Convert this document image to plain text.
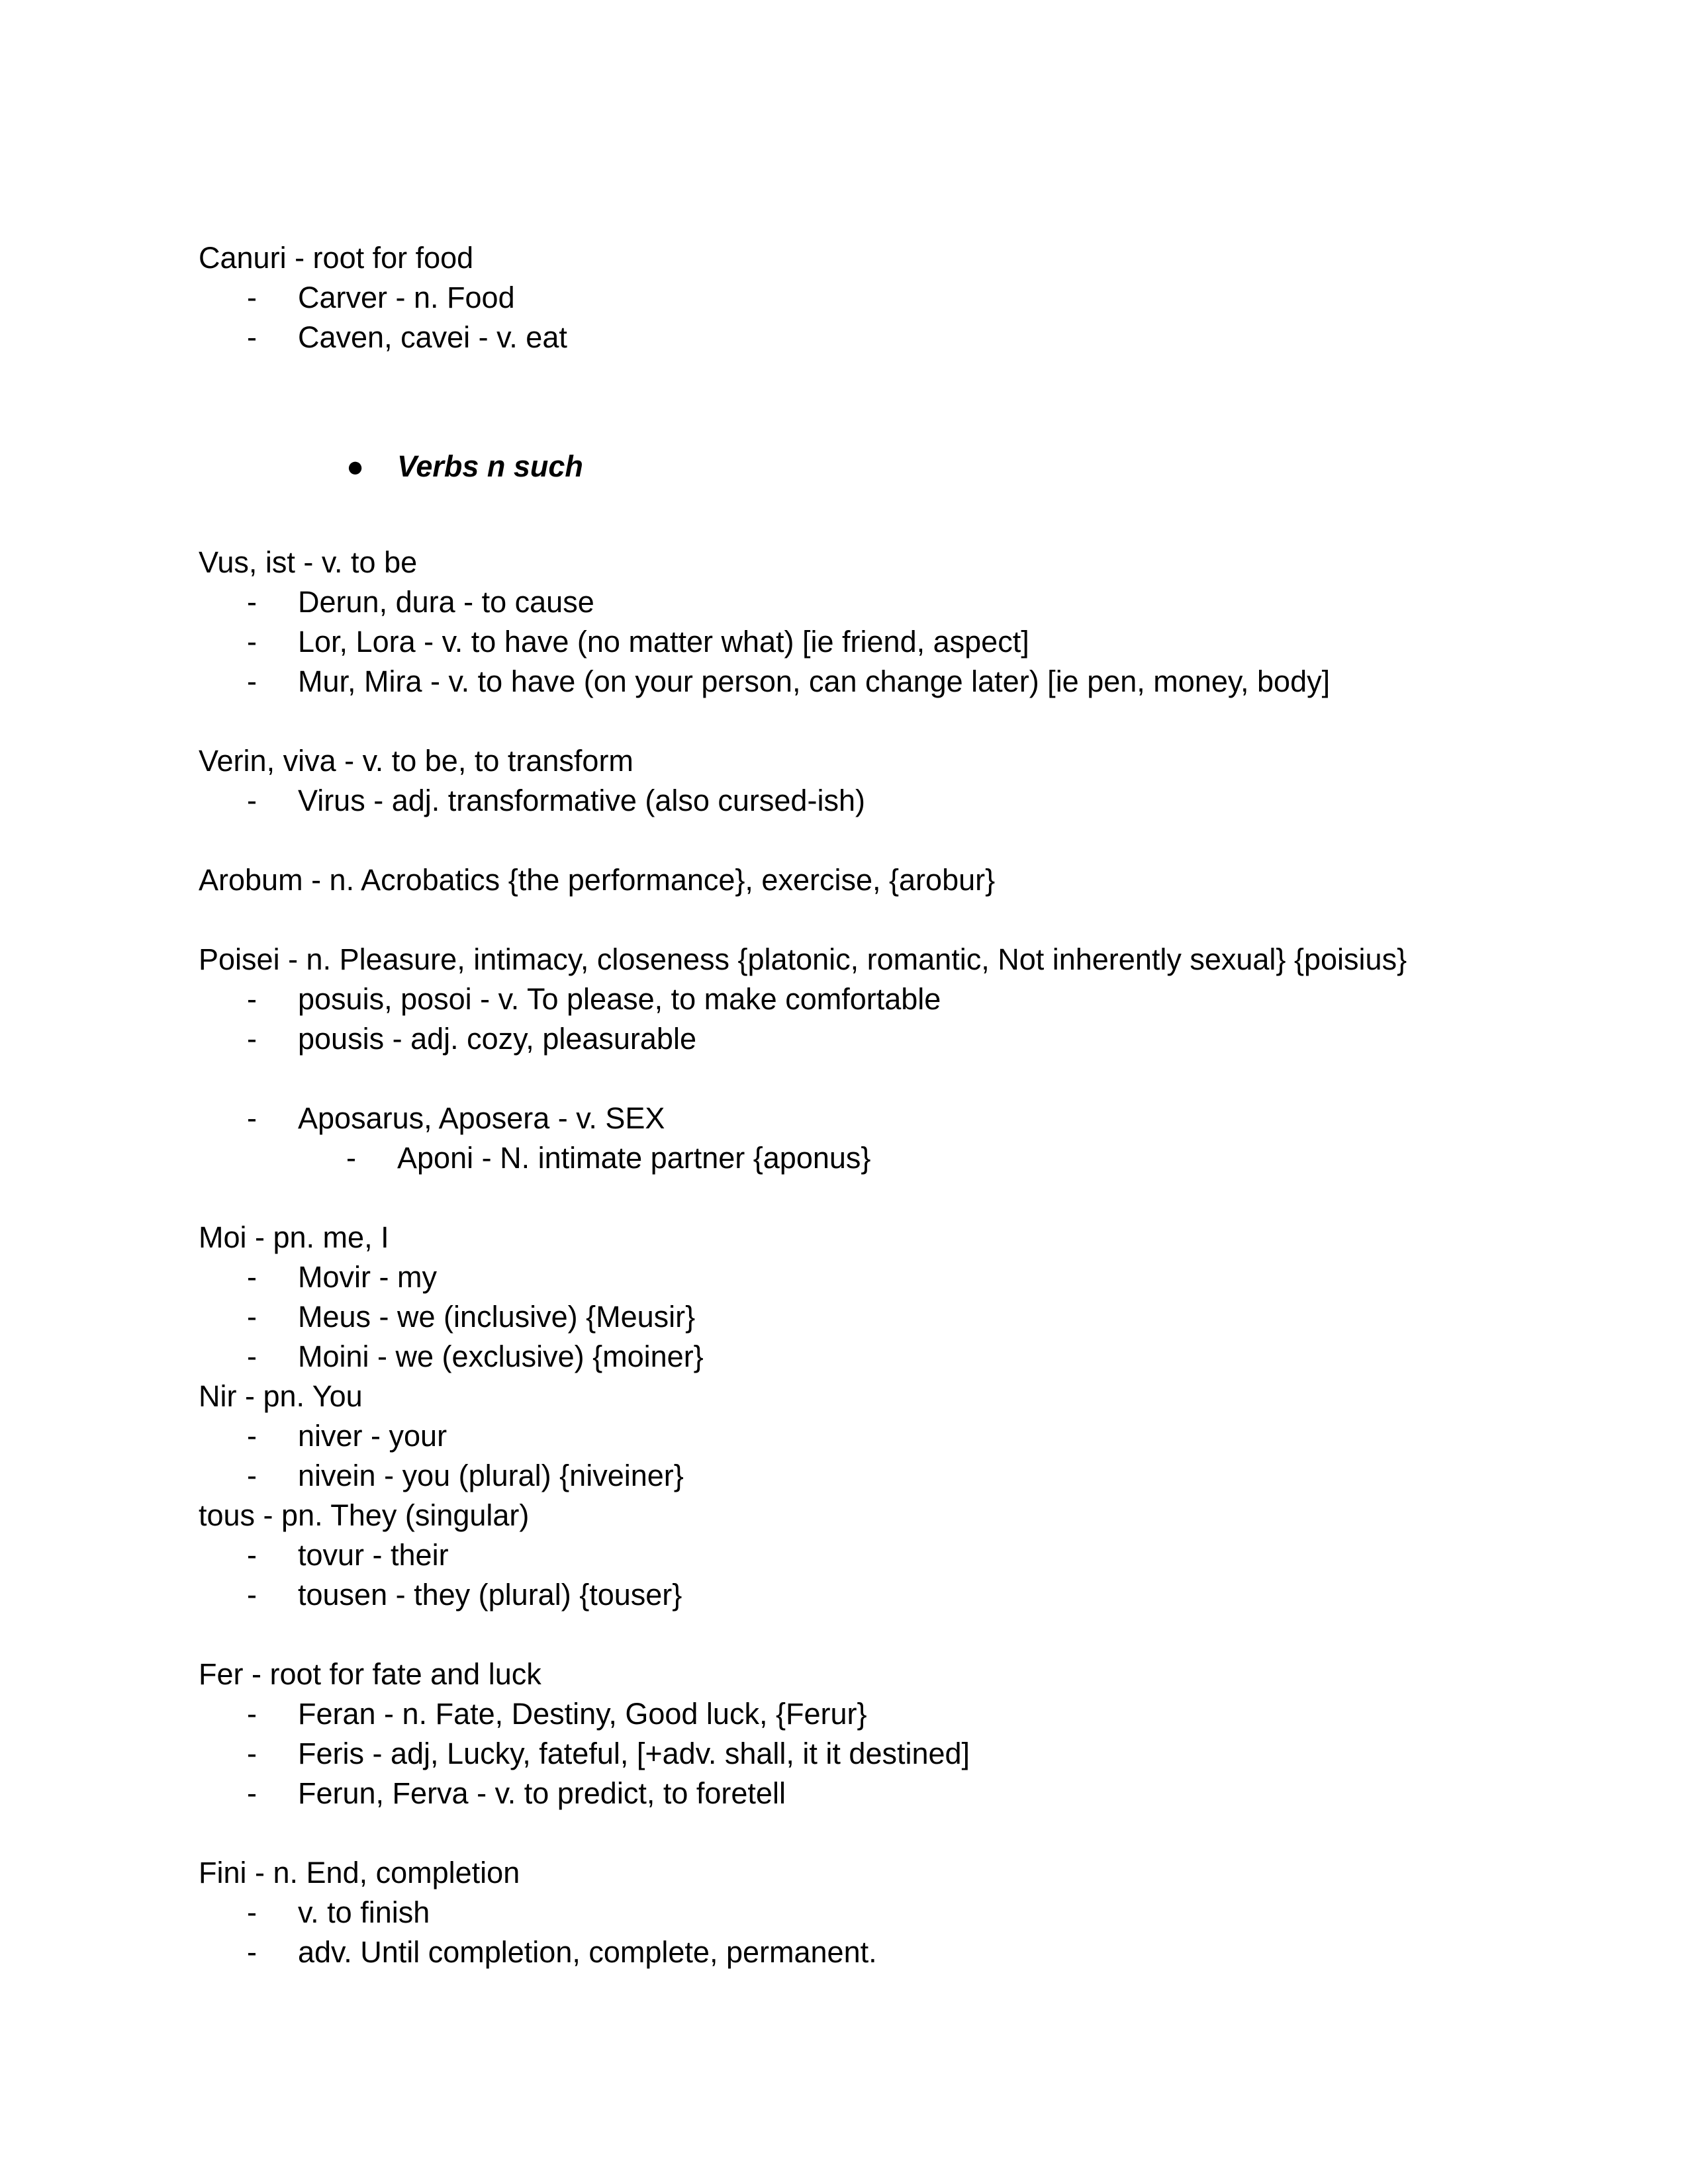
Canuri - root for food
- Carver - n. Food
- Caven, cavei - v. eat
● Verbs n such
Vus, ist - v. to be
- Derun, dura - to cause
- Lor, Lora - v. to have (no matter what) [ie friend, aspect]
- Mur, Mira - v. to have (on your person, can change later) [ie pen, money, body]
Verin, viva - v. to be, to transform
- Virus - adj. transformative (also cursed-ish)
Arobum - n. Acrobatics {the performance}, exercise, {arobur}
Poisei - n. Pleasure, intimacy, closeness {platonic, romantic, Not inherently sexual} {poisius}
- posuis, posoi - v. To please, to make comfortable
- pousis - adj. cozy, pleasurable
- Aposarus, Aposera - v. SEX
- Aponi - N. intimate partner {aponus}
Moi - pn. me, I
- Movir - my
- Meus - we (inclusive) {Meusir}
- Moini - we (exclusive) {moiner}
Nir - pn. You
- niver - your
- nivein - you (plural) {niveiner}
tous - pn. They (singular)
- tovur - their
- tousen - they (plural) {touser}
Fer - root for fate and luck
- Feran - n. Fate, Destiny, Good luck, {Ferur}
- Feris - adj, Lucky, fateful, [+adv. shall, it it destined]
- Ferun, Ferva - v. to predict, to foretell
Fini - n. End, completion
- v. to finish
- adv. Until completion, complete, permanent.
